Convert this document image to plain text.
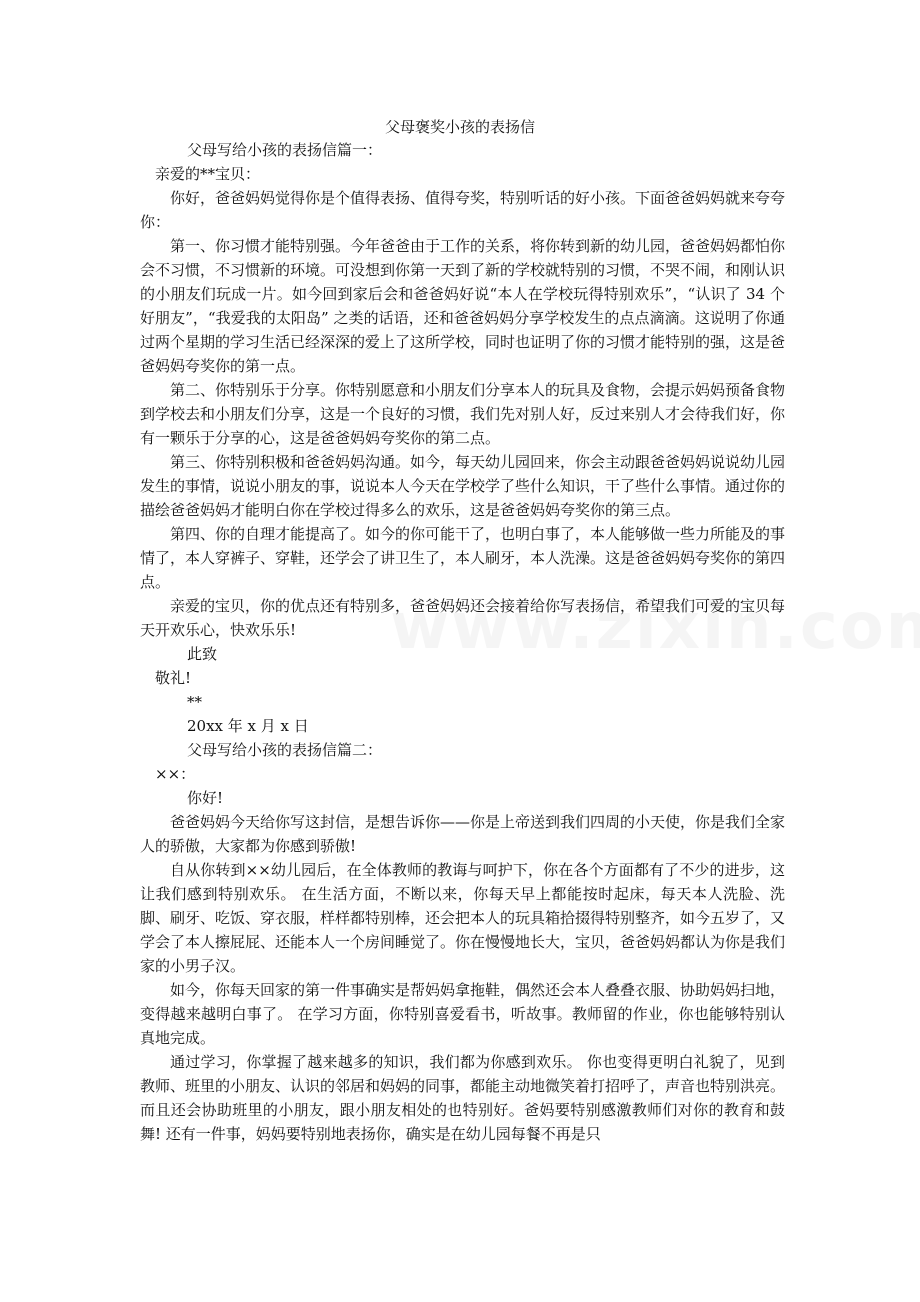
父母褒奖小孩的表扬信
父母写给小孩的表扬信篇一：
亲爱的**宝贝：

你好，爸爸妈妈觉得你是个值得表扬、值得夸奖，特别听话的好小孩。下面爸爸妈妈就来夸夸你：

第一、你习惯才能特别强。今年爸爸由于工作的关系，将你转到新的幼儿园，爸爸妈妈都怕你会不习惯，不习惯新的环境。可没想到你第一天到了新的学校就特别的习惯，不哭不闹，和刚认识的小朋友们玩成一片。如今回到家后会和爸爸妈好说“本人在学校玩得特别欢乐”，“认识了 34 个好朋友”，“我爱我的太阳岛” 之类的话语，还和爸爸妈妈分享学校发生的点点滴滴。这说明了你通过两个星期的学习生活已经深深的爱上了这所学校，同时也证明了你的习惯才能特别的强，这是爸爸妈妈夸奖你的第一点。

第二、你特别乐于分享。你特别愿意和小朋友们分享本人的玩具及食物，会提示妈妈预备食物到学校去和小朋友们分享，这是一个良好的习惯，我们先对别人好，反过来别人才会待我们好，你有一颗乐于分享的心，这是爸爸妈妈夸奖你的第二点。

第三、你特别积极和爸爸妈妈沟通。如今，每天幼儿园回来，你会主动跟爸爸妈妈说说幼儿园发生的事情，说说小朋友的事，说说本人今天在学校学了些什么知识，干了些什么事情。通过你的描绘爸爸妈妈才能明白你在学校过得多么的欢乐，这是爸爸妈妈夸奖你的第三点。

第四、你的自理才能提高了。如今的你可能干了，也明白事了，本人能够做一些力所能及的事情了，本人穿裤子、穿鞋，还学会了讲卫生了，本人刷牙，本人洗澡。这是爸爸妈妈夸奖你的第四点。

亲爱的宝贝，你的优点还有特别多，爸爸妈妈还会接着给你写表扬信，希望我们可爱的宝贝每天开欢乐心，快欢乐乐!

此致
敬礼!
**
20xx 年 x 月 x 日
父母写给小孩的表扬信篇二：
××：
你好!

爸爸妈妈今天给你写这封信，是想告诉你——你是上帝送到我们四周的小天使，你是我们全家人的骄傲，大家都为你感到骄傲!

自从你转到××幼儿园后，在全体教师的教诲与呵护下，你在各个方面都有了不少的进步，这让我们感到特别欢乐。 在生活方面，不断以来，你每天早上都能按时起床，每天本人洗脸、洗脚、刷牙、吃饭、穿衣服，样样都特别棒，还会把本人的玩具箱拾掇得特别整齐，如今五岁了，又学会了本人擦屁屁、还能本人一个房间睡觉了。你在慢慢地长大，宝贝，爸爸妈妈都认为你是我们家的小男子汉。

如今，你每天回家的第一件事确实是帮妈妈拿拖鞋，偶然还会本人叠叠衣服、协助妈妈扫地，变得越来越明白事了。 在学习方面，你特别喜爱看书，听故事。教师留的作业，你也能够特别认真地完成。

通过学习，你掌握了越来越多的知识，我们都为你感到欢乐。 你也变得更明白礼貌了，见到教师、班里的小朋友、认识的邻居和妈妈的同事，都能主动地微笑着打招呼了，声音也特别洪亮。而且还会协助班里的小朋友，跟小朋友相处的也特别好。爸妈要特别感激教师们对你的教育和鼓舞! 还有一件事，妈妈要特别地表扬你，确实是在幼儿园每餐不再是只
